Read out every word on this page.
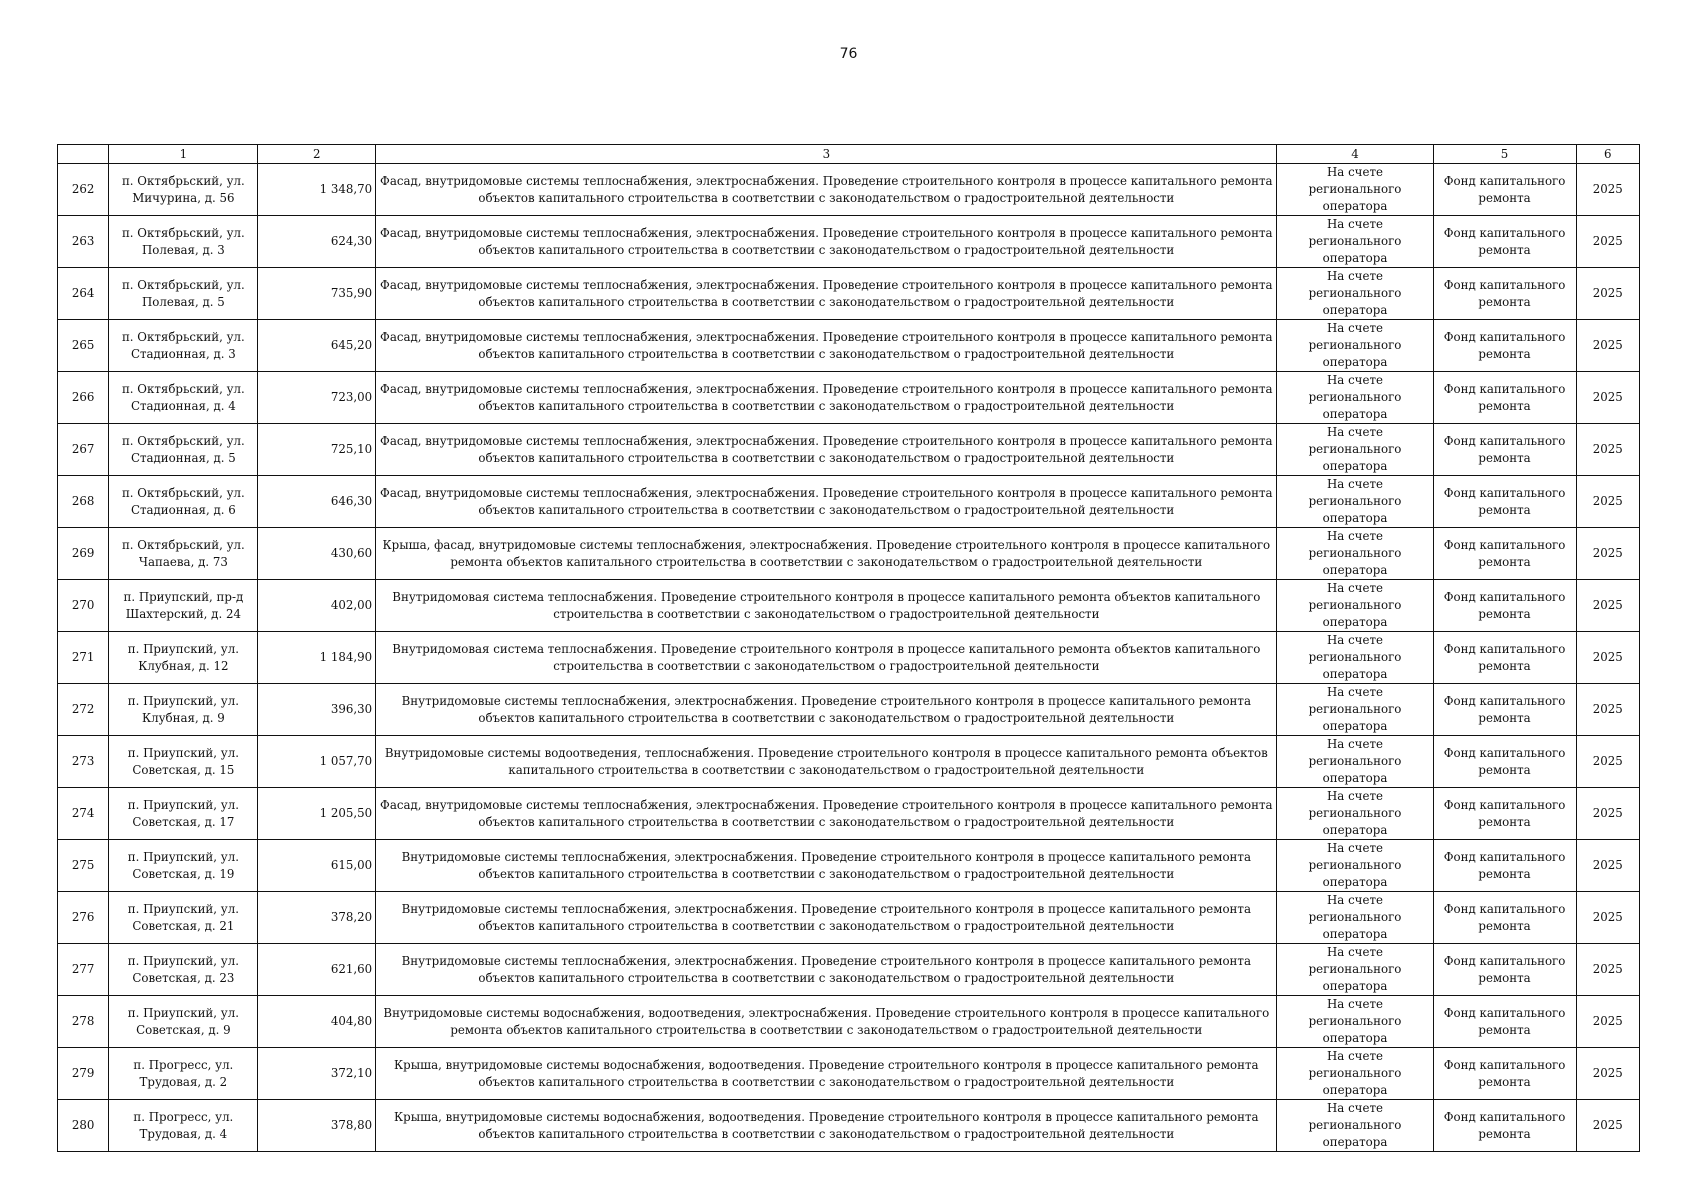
76
	1	2	3	4	5	6
262	п. Октябрьский, ул. Мичурина, д. 56	1 348,70	Фасад, внутридомовые системы теплоснабжения, электроснабжения. Проведение строительного контроля в процессе капитального ремонта объектов капитального строительства в соответствии с законодательством о градостроительной деятельности	На счете регионального оператора	Фонд капитального ремонта	2025
263	п. Октябрьский, ул. Полевая, д. 3	624,30	Фасад, внутридомовые системы теплоснабжения, электроснабжения. Проведение строительного контроля в процессе капитального ремонта объектов капитального строительства в соответствии с законодательством о градостроительной деятельности	На счете регионального оператора	Фонд капитального ремонта	2025
264	п. Октябрьский, ул. Полевая, д. 5	735,90	Фасад, внутридомовые системы теплоснабжения, электроснабжения. Проведение строительного контроля в процессе капитального ремонта объектов капитального строительства в соответствии с законодательством о градостроительной деятельности	На счете регионального оператора	Фонд капитального ремонта	2025
265	п. Октябрьский, ул. Стадионная, д. 3	645,20	Фасад, внутридомовые системы теплоснабжения, электроснабжения. Проведение строительного контроля в процессе капитального ремонта объектов капитального строительства в соответствии с законодательством о градостроительной деятельности	На счете регионального оператора	Фонд капитального ремонта	2025
266	п. Октябрьский, ул. Стадионная, д. 4	723,00	Фасад, внутридомовые системы теплоснабжения, электроснабжения. Проведение строительного контроля в процессе капитального ремонта объектов капитального строительства в соответствии с законодательством о градостроительной деятельности	На счете регионального оператора	Фонд капитального ремонта	2025
267	п. Октябрьский, ул. Стадионная, д. 5	725,10	Фасад, внутридомовые системы теплоснабжения, электроснабжения. Проведение строительного контроля в процессе капитального ремонта объектов капитального строительства в соответствии с законодательством о градостроительной деятельности	На счете регионального оператора	Фонд капитального ремонта	2025
268	п. Октябрьский, ул. Стадионная, д. 6	646,30	Фасад, внутридомовые системы теплоснабжения, электроснабжения. Проведение строительного контроля в процессе капитального ремонта объектов капитального строительства в соответствии с законодательством о градостроительной деятельности	На счете регионального оператора	Фонд капитального ремонта	2025
269	п. Октябрьский, ул. Чапаева, д. 73	430,60	Крыша, фасад, внутридомовые системы теплоснабжения, электроснабжения. Проведение строительного контроля в процессе капитального ремонта объектов капитального строительства в соответствии с законодательством о градостроительной деятельности	На счете регионального оператора	Фонд капитального ремонта	2025
270	п. Приупский, пр-д Шахтерский, д. 24	402,00	Внутридомовая система теплоснабжения. Проведение строительного контроля в процессе капитального ремонта объектов капитального строительства в соответствии с законодательством о градостроительной деятельности	На счете регионального оператора	Фонд капитального ремонта	2025
271	п. Приупский, ул. Клубная, д. 12	1 184,90	Внутридомовая система теплоснабжения. Проведение строительного контроля в процессе капитального ремонта объектов капитального строительства в соответствии с законодательством о градостроительной деятельности	На счете регионального оператора	Фонд капитального ремонта	2025
272	п. Приупский, ул. Клубная, д. 9	396,30	Внутридомовые системы теплоснабжения, электроснабжения. Проведение строительного контроля в процессе капитального ремонта объектов капитального строительства в соответствии с законодательством о градостроительной деятельности	На счете регионального оператора	Фонд капитального ремонта	2025
273	п. Приупский, ул. Советская, д. 15	1 057,70	Внутридомовые системы водоотведения, теплоснабжения. Проведение строительного контроля в процессе капитального ремонта объектов капитального строительства в соответствии с законодательством о градостроительной деятельности	На счете регионального оператора	Фонд капитального ремонта	2025
274	п. Приупский, ул. Советская, д. 17	1 205,50	Фасад, внутридомовые системы теплоснабжения, электроснабжения. Проведение строительного контроля в процессе капитального ремонта объектов капитального строительства в соответствии с законодательством о градостроительной деятельности	На счете регионального оператора	Фонд капитального ремонта	2025
275	п. Приупский, ул. Советская, д. 19	615,00	Внутридомовые системы теплоснабжения, электроснабжения. Проведение строительного контроля в процессе капитального ремонта объектов капитального строительства в соответствии с законодательством о градостроительной деятельности	На счете регионального оператора	Фонд капитального ремонта	2025
276	п. Приупский, ул. Советская, д. 21	378,20	Внутридомовые системы теплоснабжения, электроснабжения. Проведение строительного контроля в процессе капитального ремонта объектов капитального строительства в соответствии с законодательством о градостроительной деятельности	На счете регионального оператора	Фонд капитального ремонта	2025
277	п. Приупский, ул. Советская, д. 23	621,60	Внутридомовые системы теплоснабжения, электроснабжения. Проведение строительного контроля в процессе капитального ремонта объектов капитального строительства в соответствии с законодательством о градостроительной деятельности	На счете регионального оператора	Фонд капитального ремонта	2025
278	п. Приупский, ул. Советская, д. 9	404,80	Внутридомовые системы водоснабжения, водоотведения, электроснабжения. Проведение строительного контроля в процессе капитального ремонта объектов капитального строительства в соответствии с законодательством о градостроительной деятельности	На счете регионального оператора	Фонд капитального ремонта	2025
279	п. Прогресс, ул. Трудовая, д. 2	372,10	Крыша, внутридомовые системы водоснабжения, водоотведения. Проведение строительного контроля в процессе капитального ремонта объектов капитального строительства в соответствии с законодательством о градостроительной деятельности	На счете регионального оператора	Фонд капитального ремонта	2025
280	п. Прогресс, ул. Трудовая, д. 4	378,80	Крыша, внутридомовые системы водоснабжения, водоотведения. Проведение строительного контроля в процессе капитального ремонта объектов капитального строительства в соответствии с законодательством о градостроительной деятельности	На счете регионального оператора	Фонд капитального ремонта	2025
